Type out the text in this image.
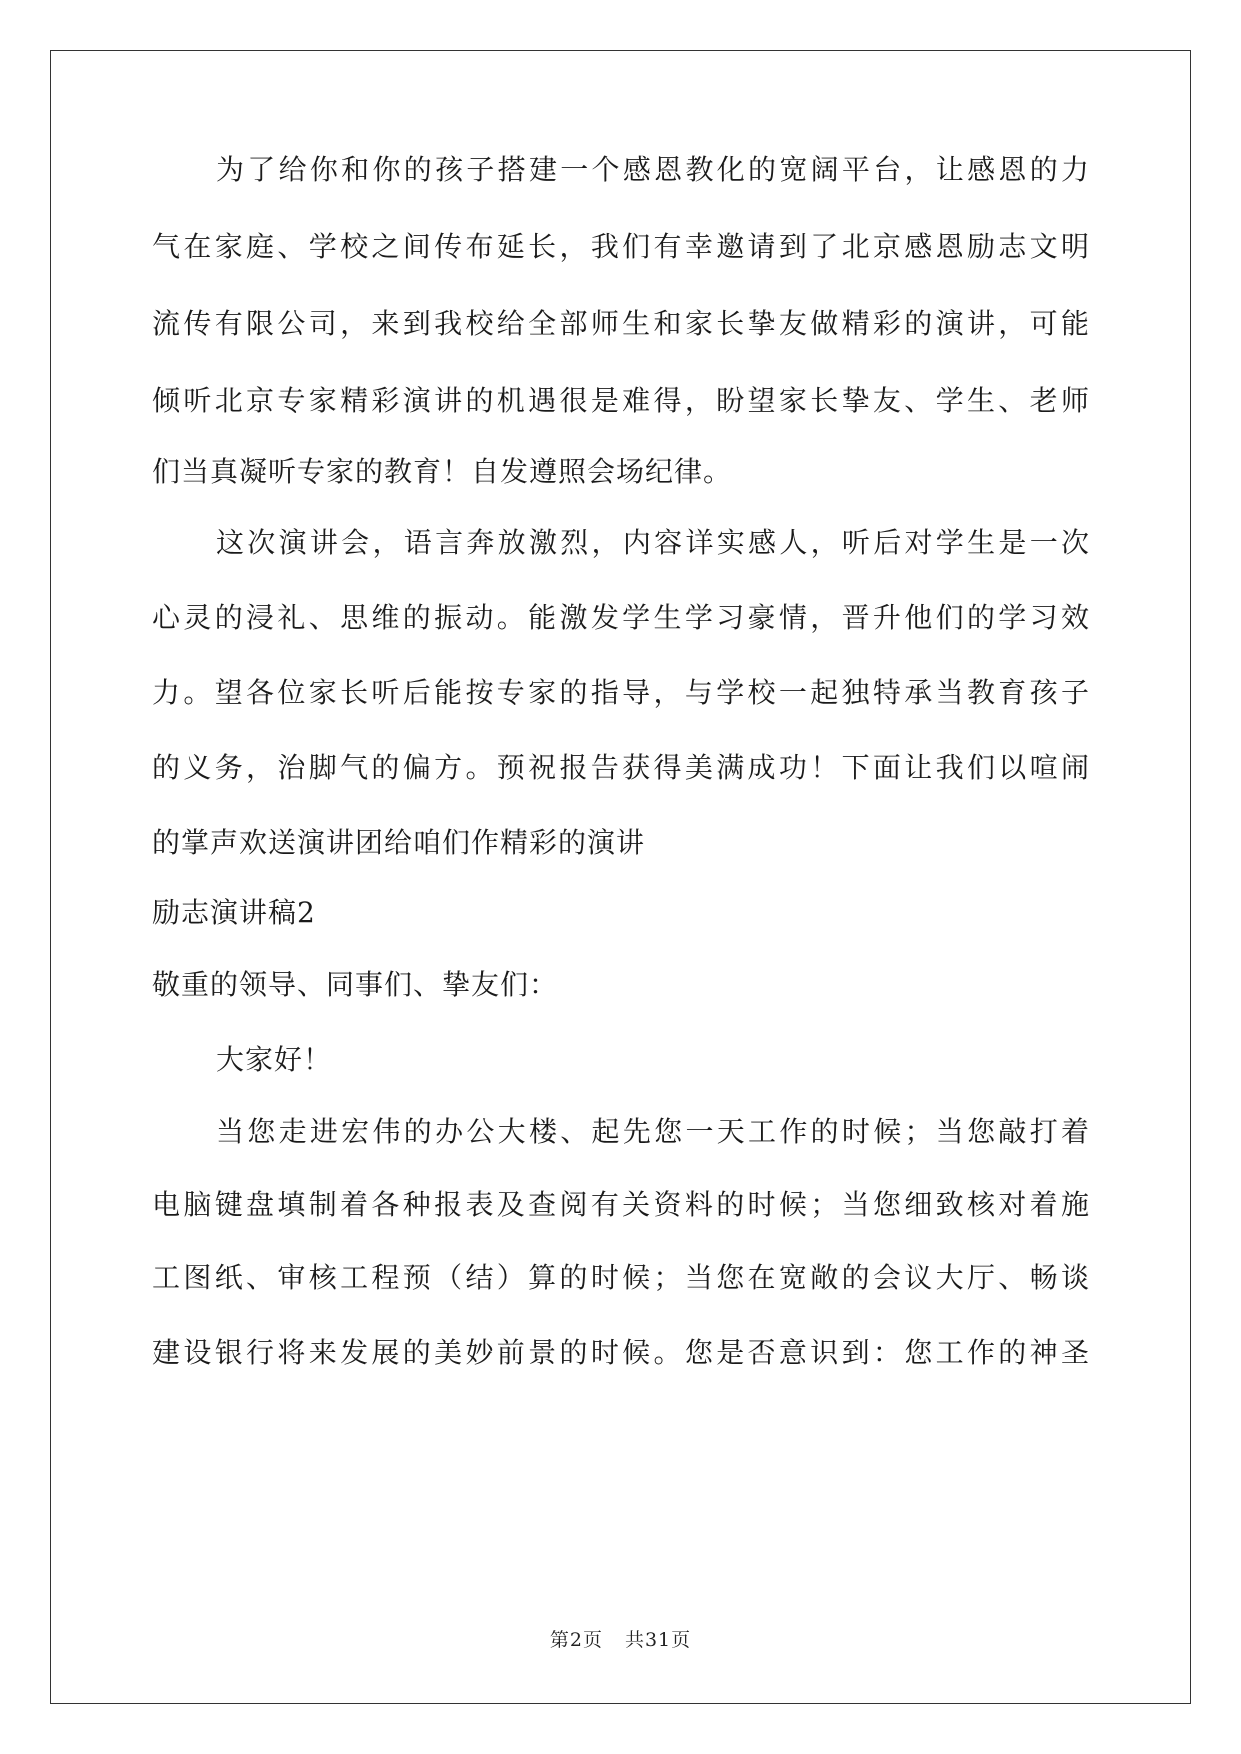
为了给你和你的孩子搭建一个感恩教化的宽阔平台，让感恩的力
气在家庭、学校之间传布延长，我们有幸邀请到了北京感恩励志文明
流传有限公司，来到我校给全部师生和家长挚友做精彩的演讲，可能
倾听北京专家精彩演讲的机遇很是难得，盼望家长挚友、学生、老师
们当真凝听专家的教育！自发遵照会场纪律。
这次演讲会，语言奔放激烈，内容详实感人，听后对学生是一次
心灵的浸礼、思维的振动。能激发学生学习豪情，晋升他们的学习效
力。望各位家长听后能按专家的指导，与学校一起独特承当教育孩子
的义务，治脚气的偏方。预祝报告获得美满成功！下面让我们以喧闹
的掌声欢送演讲团给咱们作精彩的演讲
励志演讲稿2
敬重的领导、同事们、挚友们：
大家好！
当您走进宏伟的办公大楼、起先您一天工作的时候；当您敲打着
电脑键盘填制着各种报表及查阅有关资料的时候；当您细致核对着施
工图纸、审核工程预（结）算的时候；当您在宽敞的会议大厅、畅谈
建设银行将来发展的美妙前景的时候。您是否意识到：您工作的神圣
第2页 共31页
